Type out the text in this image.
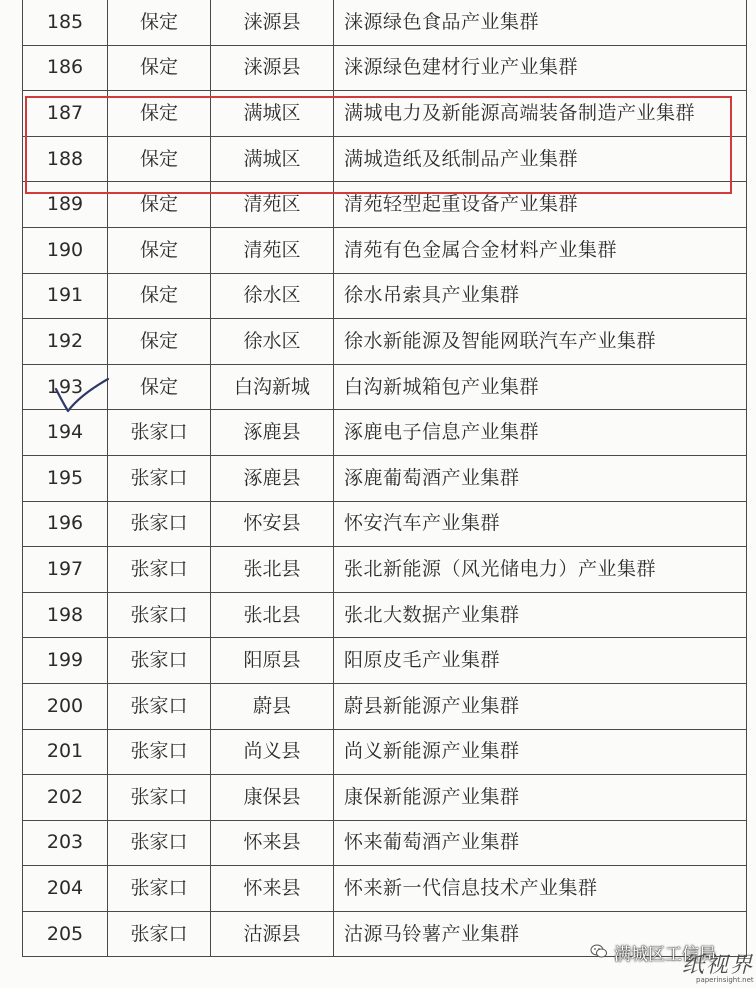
185	保定	涞源县	涞源绿色食品产业集群
186	保定	涞源县	涞源绿色建材行业产业集群
187	保定	满城区	满城电力及新能源高端装备制造产业集群
188	保定	满城区	满城造纸及纸制品产业集群
189	保定	清苑区	清苑轻型起重设备产业集群
190	保定	清苑区	清苑有色金属合金材料产业集群
191	保定	徐水区	徐水吊索具产业集群
192	保定	徐水区	徐水新能源及智能网联汽车产业集群
193	保定	白沟新城	白沟新城箱包产业集群
194	张家口	涿鹿县	涿鹿电子信息产业集群
195	张家口	涿鹿县	涿鹿葡萄酒产业集群
196	张家口	怀安县	怀安汽车产业集群
197	张家口	张北县	张北新能源（风光储电力）产业集群
198	张家口	张北县	张北大数据产业集群
199	张家口	阳原县	阳原皮毛产业集群
200	张家口	蔚县	蔚县新能源产业集群
201	张家口	尚义县	尚义新能源产业集群
202	张家口	康保县	康保新能源产业集群
203	张家口	怀来县	怀来葡萄酒产业集群
204	张家口	怀来县	怀来新一代信息技术产业集群
205	张家口	沽源县	沽源马铃薯产业集群
满城区工信局
纸视界
paperinsight.net
